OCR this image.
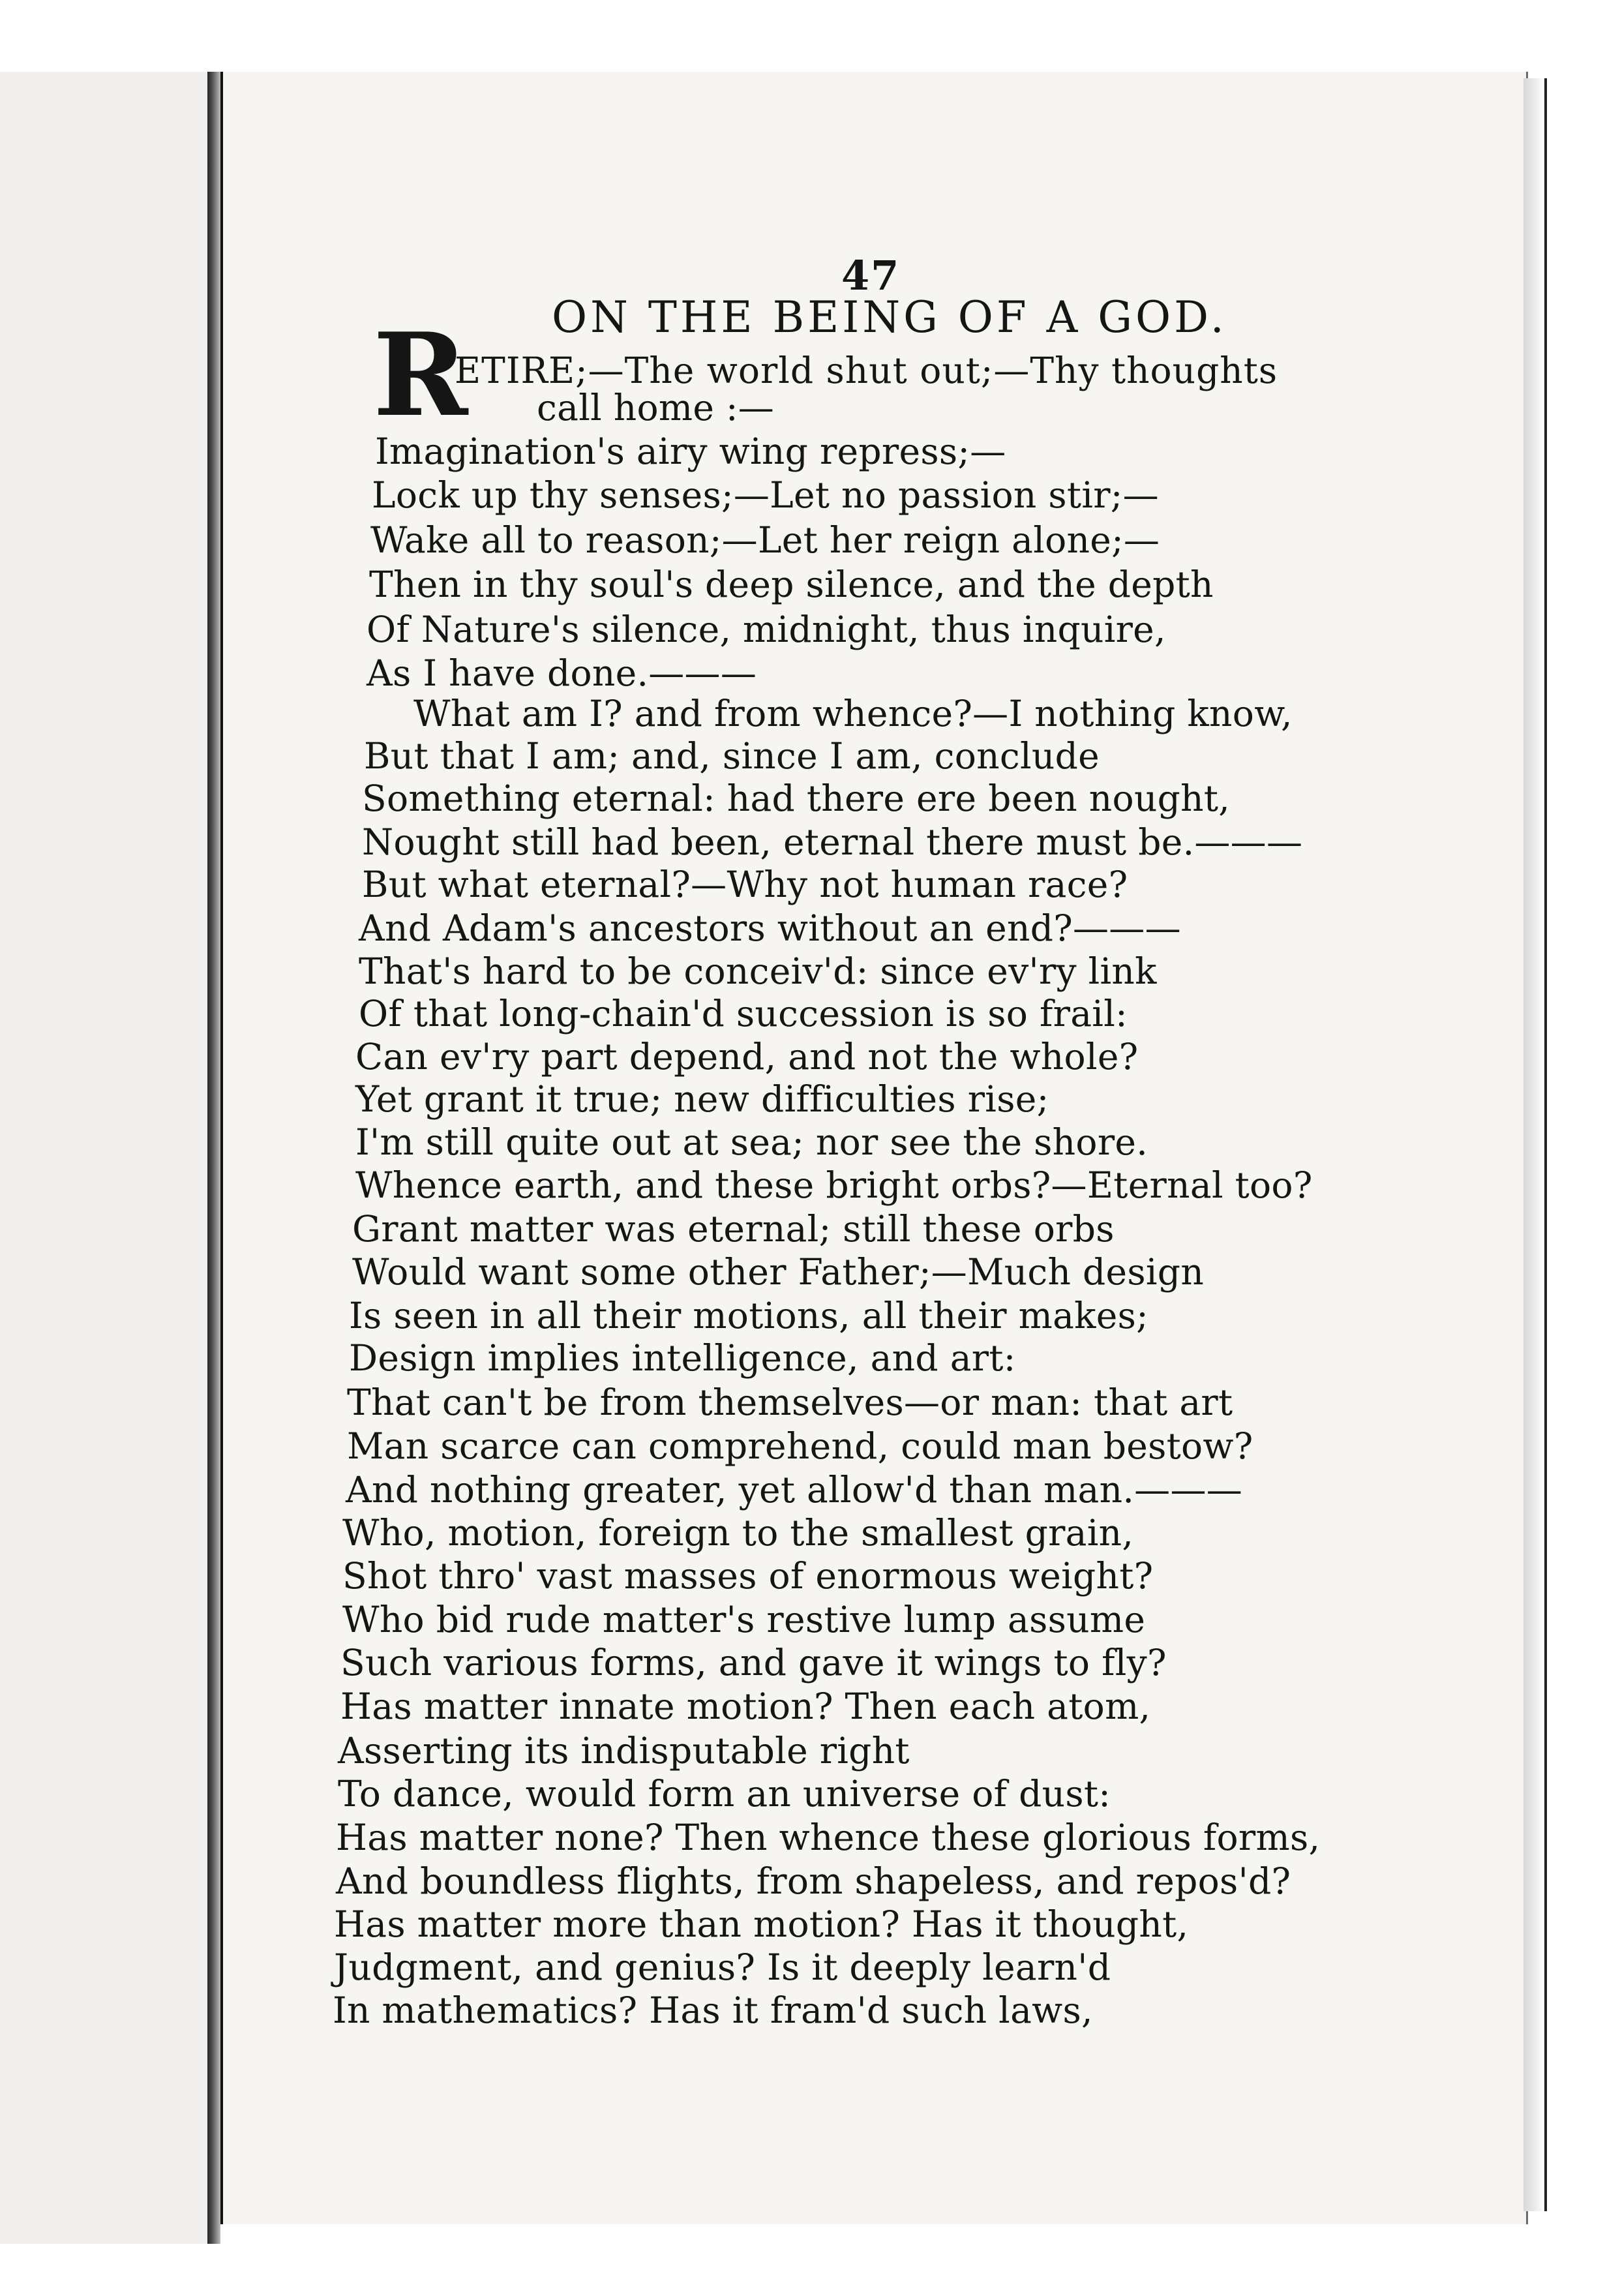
47
ON THE BEING OF A GOD.
R
ETIRE;—The world shut out;—Thy thoughts
call home :—
Imagination's airy wing repress;—
Lock up thy senses;—Let no passion stir;—
Wake all to reason;—Let her reign alone;—
Then in thy soul's deep silence, and the depth
Of Nature's silence, midnight, thus inquire,
As I have done.———
What am I? and from whence?—I nothing know,
But that I am; and, since I am, conclude
Something eternal: had there ere been nought,
Nought still had been, eternal there must be.———
But what eternal?—Why not human race?
And Adam's ancestors without an end?———
That's hard to be conceiv'd: since ev'ry link
Of that long-chain'd succession is so frail:
Can ev'ry part depend, and not the whole?
Yet grant it true; new difficulties rise;
I'm still quite out at sea; nor see the shore.
Whence earth, and these bright orbs?—Eternal too?
Grant matter was eternal; still these orbs
Would want some other Father;—Much design
Is seen in all their motions, all their makes;
Design implies intelligence, and art:
That can't be from themselves—or man: that art
Man scarce can comprehend, could man bestow?
And nothing greater, yet allow'd than man.———
Who, motion, foreign to the smallest grain,
Shot thro' vast masses of enormous weight?
Who bid rude matter's restive lump assume
Such various forms, and gave it wings to fly?
Has matter innate motion? Then each atom,
Asserting its indisputable right
To dance, would form an universe of dust:
Has matter none? Then whence these glorious forms,
And boundless flights, from shapeless, and repos'd?
Has matter more than motion? Has it thought,
Judgment, and genius? Is it deeply learn'd
In mathematics? Has it fram'd such laws,
